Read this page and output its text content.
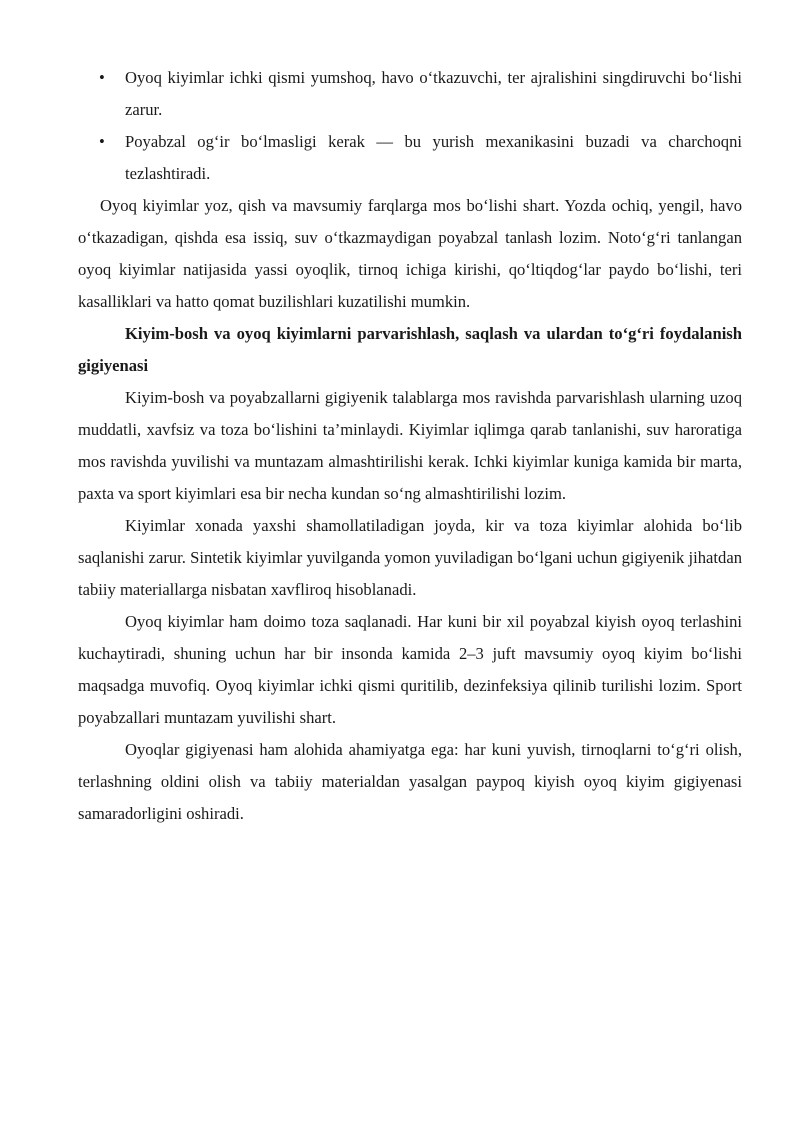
• Oyoq kiyimlar ichki qismi yumshoq, havo o‘tkazuvchi, ter ajralishini singdiruvchi bo‘lishi zarur.
• Poyabzal og‘ir bo‘lmasligi kerak — bu yurish mexanikasini buzadi va charchoqni tezlashtiradi.

Oyoq kiyimlar yoz, qish va mavsumiy farqlarga mos bo‘lishi shart. Yozda ochiq, yengil, havo o‘tkazadigan, qishda esa issiq, suv o‘tkazmaydigan poyabzal tanlash lozim. Noto‘g‘ri tanlangan oyoq kiyimlar natijasida yassi oyoqlik, tirnoq ichiga kirishi, qo‘ltiqdog‘lar paydo bo‘lishi, teri kasalliklari va hatto qomat buzilishlari kuzatilishi mumkin.

Kiyim-bosh va oyoq kiyimlarni parvarishlash, saqlash va ulardan to‘g‘ri foydalanish gigiyenasi

Kiyim-bosh va poyabzallarni gigiyenik talablarga mos ravishda parvarishlash ularning uzoq muddatli, xavfsiz va toza bo‘lishini ta’minlaydi. Kiyimlar iqlimga qarab tanlanishi, suv haroratiga mos ravishda yuvilishi va muntazam almashtirilishi kerak. Ichki kiyimlar kuniga kamida bir marta, paxta va sport kiyimlari esa bir necha kundan so‘ng almashtirilishi lozim.

Kiyimlar xonada yaxshi shamollatiladigan joyda, kir va toza kiyimlar alohida bo‘lib saqlanishi zarur. Sintetik kiyimlar yuvilganda yomon yuviladigan bo‘lgani uchun gigiyenik jihatdan tabiiy materiallarga nisbatan xavfliroq hisoblanadi.

Oyoq kiyimlar ham doimo toza saqlanadi. Har kuni bir xil poyabzal kiyish oyoq terlashini kuchaytiradi, shuning uchun har bir insonda kamida 2–3 juft mavsumiy oyoq kiyim bo‘lishi maqsadga muvofiq. Oyoq kiyimlar ichki qismi quritilib, dezinfeksiya qilinib turilishi lozim. Sport poyabzallari muntazam yuvilishi shart.

Oyoqlar gigiyenasi ham alohida ahamiyatga ega: har kuni yuvish, tirnoqlarni to‘g‘ri olish, terlashning oldini olish va tabiiy materialdan yasalgan paypoq kiyish oyoq kiyim gigiyenasi samaradorligini oshiradi.
